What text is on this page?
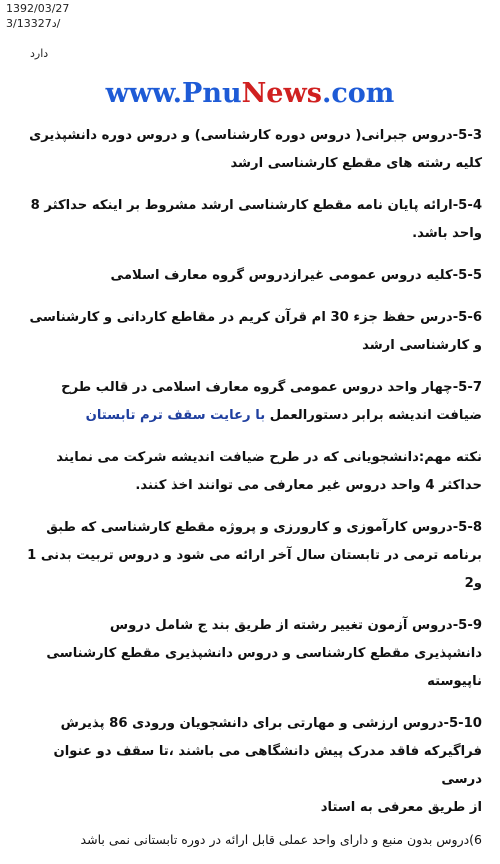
1392/03/27
3/13327د/
دارد
www.PnuNews.com
5-3-دروس جبرانی( دروس دوره کارشناسی) و دروس دوره دانشپذیری
کلیه رشته های مقطع کارشناسی ارشد
5-4-ارائه پایان نامه مقطع کارشناسی ارشد مشروط بر اینکه حداکثر 8
واحد باشد.
5-5-کلیه دروس عمومی غیرازدروس گروه معارف اسلامی
5-6-درس حفظ جزء 30 ام قرآن کریم در مقاطع کاردانی و کارشناسی
و کارشناسی ارشد
5-7-چهار واحد دروس عمومی گروه معارف اسلامی در قالب طرح
ضیافت اندیشه برابر دستورالعمل با رعایت سقف ترم تابستان
نکته مهم:دانشجویانی که در طرح ضیافت اندیشه شرکت می نمایند
حداکثر 4 واحد دروس غیر معارفی می توانند اخذ کنند.
5-8-دروس کارآموزی و کارورزی و پروژه مقطع کارشناسی که طبق
برنامه ترمی در تابستان سال آخر ارائه می شود و دروس تربیت بدنی 1 و2
5-9-دروس آزمون تغییر رشته از طریق بند ج شامل دروس
دانشپذیری مقطع کارشناسی و دروس دانشپذیری مقطع کارشناسی
ناپیوسته
5-10-دروس ارزشی و مهارتی برای دانشجویان ورودی 86 پذیرش
فراگیرکه فاقد مدرک پیش دانشگاهی می باشند ،تا سقف دو عنوان درسی
از طریق معرفی به استاد
6)دروس بدون منبع و دارای واحد عملی قابل ارائه در دوره تابستانی نمی باشد
